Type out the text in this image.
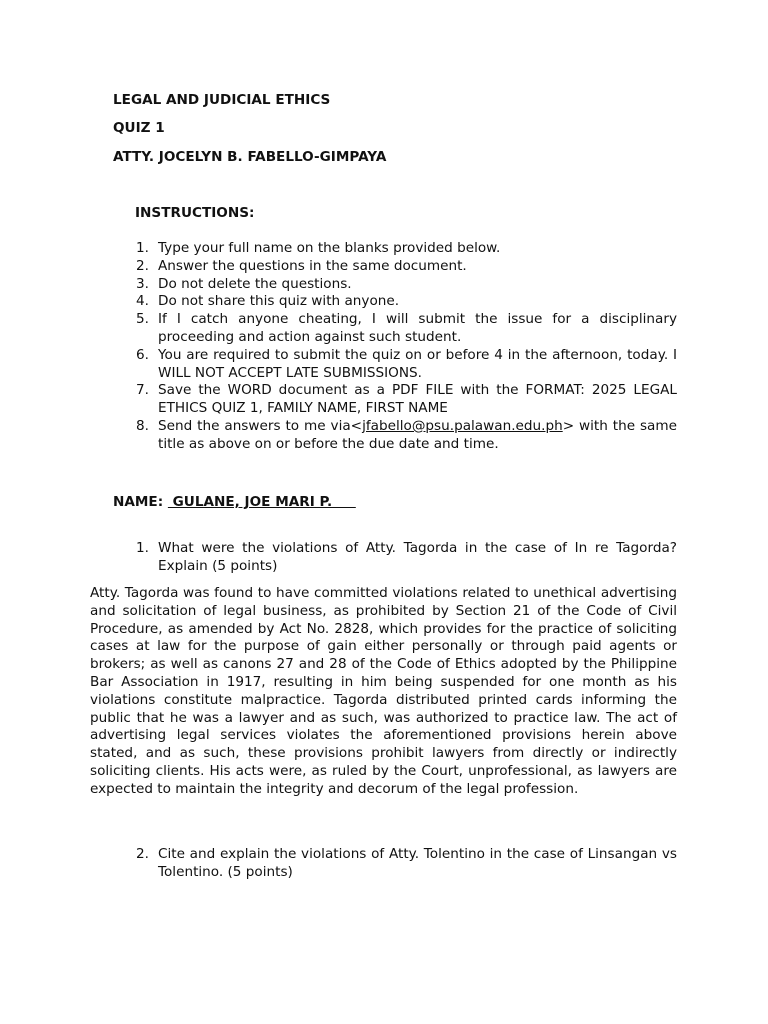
LEGAL AND JUDICIAL ETHICS
QUIZ 1
ATTY. JOCELYN B. FABELLO-GIMPAYA
INSTRUCTIONS:
1. Type your full name on the blanks provided below.
2. Answer the questions in the same document.
3. Do not delete the questions.
4. Do not share this quiz with anyone.
5. If I catch anyone cheating, I will submit the issue for a disciplinary proceeding and action against such student.
6. You are required to submit the quiz on or before 4 in the afternoon, today. I WILL NOT ACCEPT LATE SUBMISSIONS.
7. Save the WORD document as a PDF FILE with the FORMAT: 2025 LEGAL ETHICS QUIZ 1, FAMILY NAME, FIRST NAME
8. Send the answers to me via<jfabello@psu.palawan.edu.ph> with the same title as above on or before the due date and time.
NAME:  GULANE, JOE MARI P.
1. What were the violations of Atty. Tagorda in the case of In re Tagorda? Explain (5 points)

Atty. Tagorda was found to have committed violations related to unethical advertising and solicitation of legal business, as prohibited by Section 21 of the Code of Civil Procedure, as amended by Act No. 2828, which provides for the practice of soliciting cases at law for the purpose of gain either personally or through paid agents or brokers; as well as canons 27 and 28 of the Code of Ethics adopted by the Philippine Bar Association in 1917, resulting in him being suspended for one month as his violations constitute malpractice. Tagorda distributed printed cards informing the public that he was a lawyer and as such, was authorized to practice law. The act of advertising legal services violates the aforementioned provisions herein above stated, and as such, these provisions prohibit lawyers from directly or indirectly soliciting clients. His acts were, as ruled by the Court, unprofessional, as lawyers are expected to maintain the integrity and decorum of the legal profession.

2. Cite and explain the violations of Atty. Tolentino in the case of Linsangan vs Tolentino. (5 points)
